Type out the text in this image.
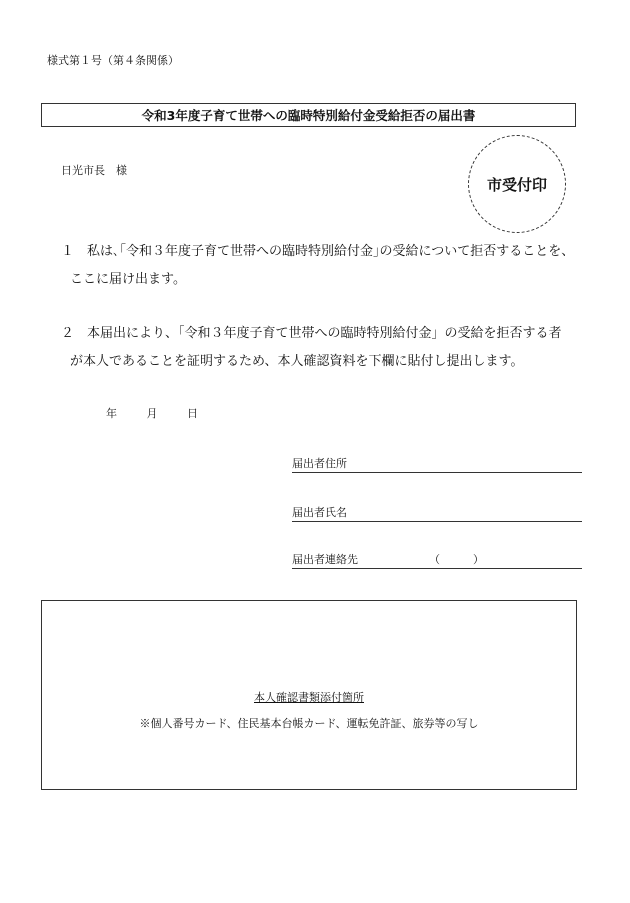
様式第１号（第４条関係）
令和3年度子育て世帯への臨時特別給付金受給拒否の届出書
日光市長　様
市受付印
１　私は､｢令和３年度子育て世帯への臨時特別給付金｣の受給について拒否することを、
ここに届け出ます。
２　本届出により、「令和３年度子育て世帯への臨時特別給付金」の受給を拒否する者
が本人であることを証明するため、本人確認資料を下欄に貼付し提出します。
年	月	日
届出者住所
届出者氏名
届出者連絡先	（　　　）
本人確認書類添付箇所
※個人番号カード、住民基本台帳カード、運転免許証、旅券等の写し
